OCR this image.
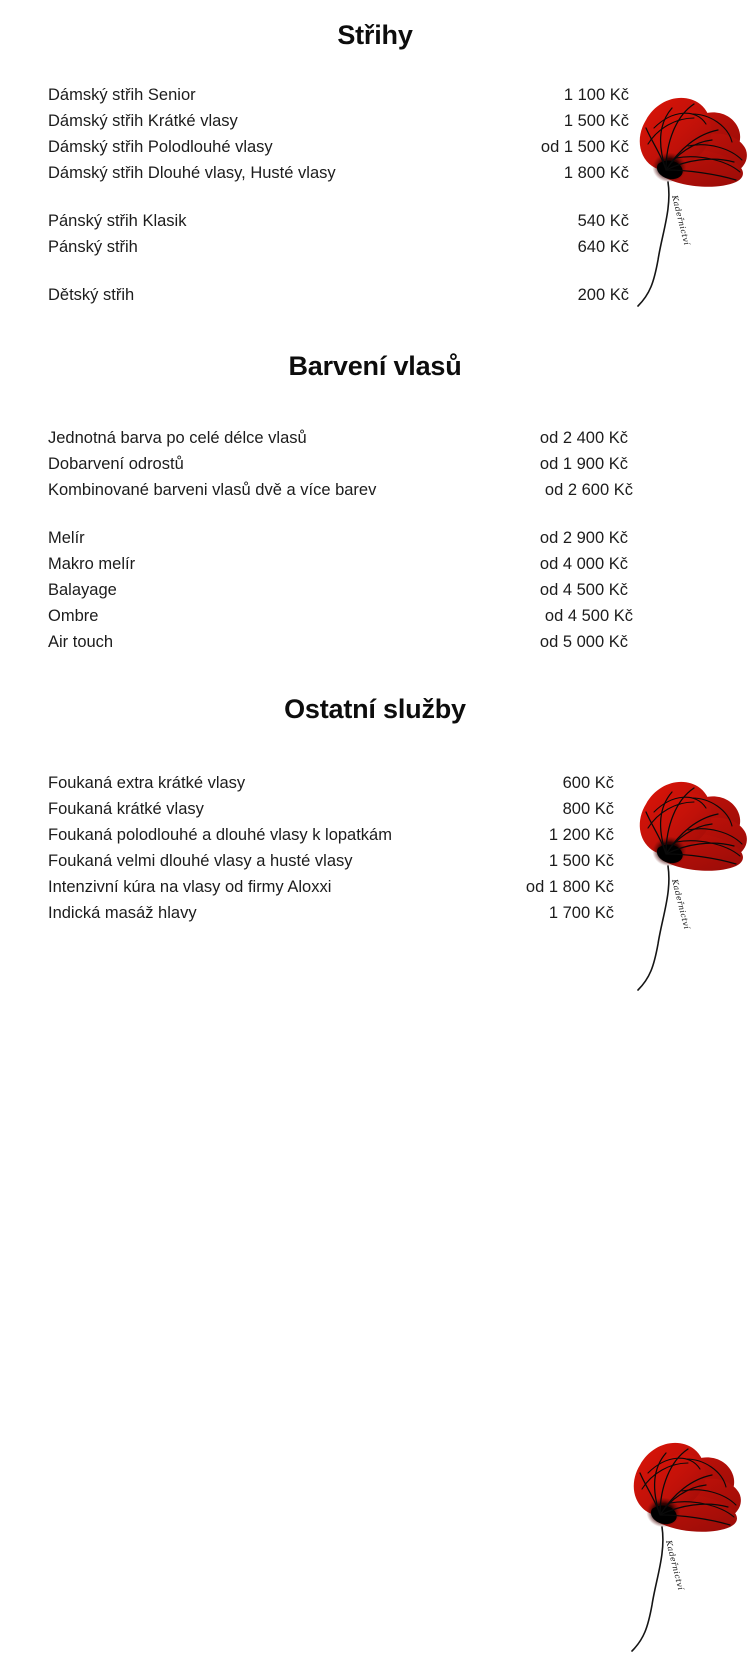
Střihy
Dámský střih Senior	1 100 Kč
Dámský střih Krátké vlasy	1 500 Kč
Dámský střih Polodlouhé vlasy	od 1 500 Kč
Dámský střih Dlouhé vlasy, Husté vlasy	1 800 Kč
Pánský střih Klasik	540 Kč
Pánský střih	640 Kč
Dětský střih	200 Kč
Kadeřnictví
Barvení vlasů
Jednotná barva po celé délce vlasů	od 2 400 Kč
Dobarvení odrostů	od 1 900 Kč
Kombinované barveni vlasů dvě a více barev	od 2 600 Kč
Melír	od 2 900 Kč
Makro melír	od 4 000 Kč
Balayage	od 4 500 Kč
Ombre	od 4 500 Kč
Air touch	od 5 000 Kč
Kadeřnictví
Ostatní služby
Foukaná extra krátké vlasy	600 Kč
Foukaná krátké vlasy	800 Kč
Foukaná polodlouhé a dlouhé vlasy k lopatkám	1 200 Kč
Foukaná velmi dlouhé vlasy a husté vlasy	1 500 Kč
Intenzivní kúra na vlasy od firmy Aloxxi	od 1 800 Kč
Indická masáž hlavy	1 700 Kč
Kadeřnictví
